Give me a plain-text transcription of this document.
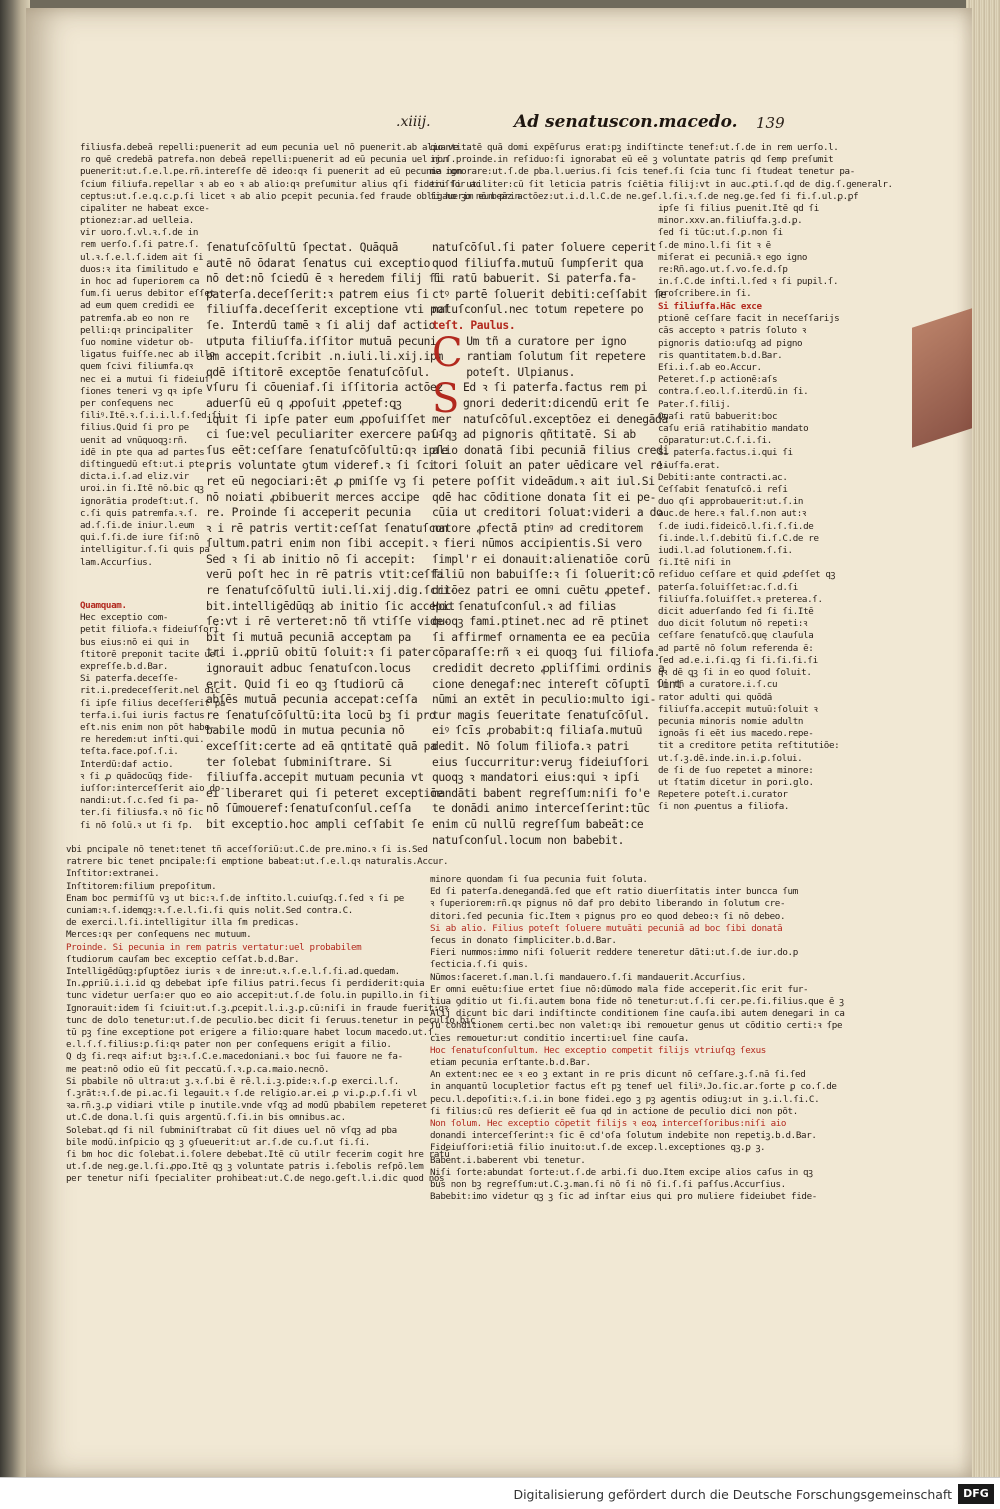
.xiiij.	Ad senatuscon.macedo. 139

filiusfa.debeā repelli:puenerit ad eum pecunia uel nō puenerit.ab alio ve

ro quē credebā patrefa.non debeā repelli:puenerit ad eū pecunia uel non

puenerit:ut.ſ.e.l.pe.rñ.intereſſe dē ideo:qꝛ ſi puenerit ad eū pecunia non

ſcium filiufa.repellar ꝛ ab eo ꝛ ab alio:qꝛ preſumitur alius qſi fideiuſſor ac

ceptus:ut.ſ.e.q.c.ꝑ.ſi licet ꝛ ab alio ꝑcepit pecunia.ſed fraude obligauerim eum prin

cipaliter ne habeat exce-

ptionez:ar.ad uelleia.

vir uoro.ſ.vl.ꝛ.ſ.de in

rem uerſo.ſ.ſi patre.ſ.

ul.ꝛ.ſ.e.l.ſ.idem ait ſi

duos:ꝛ ita ſimilitudo e

in hoc ad ſuperiorem ca

ſum.ſi uerus debitor eſſet

ad eum quem credidi ee

patremfa.ab eo non re

pelli:qꝛ principaliter

ſuo nomine videtur ob-

ligatus fuiſſe.nec ab illo

quem ſcivi filiumfa.qꝛ

nec ei a mutui ſi fideiuſ

ſiones teneri vꝫ qꝛ ipſe

per conſequens nec

ſiliꝰ.Itē.ꝛ.ſ.i.i.l.ſ.ſed ſi

filius.Quid ſi pro pe

uenit ad vnūquoqꝫ:rñ.

idē in pte qua ad partes

diſtinguedū eſt:ut.i pte.

dicta.i.ſ.ad eliz.vir

uroi.in ſi.Itē nō.bic qꝫ

ignorātia prodeſt:ut.ſ.

c.ſi quis patremfa.ꝛ.ſ.

ad.ſ.ſi.de iniur.l.eum

qui.ſ.ſi.de iure ſiſ:nō

intelligitur.ſ.ſi quis pa

lam.Accurſius.

Quamquam.

Hec exceptio com-

petit filiofa.ꝛ fideiuſſori

bus eius:nō ei qui in

ſtitorē preponit tacite uel

expreſſe.b.d.Bar.

Si paterfa.deceſſe-

rit.i.predeceſſerit.nel dic

ſi ipſe filius deceſſerit pa

terfa.i.ſui iuris factus

eſt.nis enim non pōt habe-

re heredem:ut inſti.qui.

teſta.face.poſ.ſ.i.

Interdū:daf actio.

ꝛ ſi ꝓ quādocūqꝫ fide-

iuſſor:interceſſerit aio do-

nandi:ut.ſ.c.ſed ſi pa-

ter.ſi filiusfa.ꝛ nō ſic

ſi nō ſolū.ꝛ ut ſi ſp.

ſenatuſcōſultū ſpectat. Quāquā

autē nō ōdarat ſenatus cui exceptio

nō det:nō ſciedū ē ꝛ heredem filij ſi

paterſa.deceſſerit:ꝛ patrem eius ſi

filiuſfa.deceſſerit exceptione vti poſ

ſe. Interdū tamē ꝛ ſi alij daf actio

utputa filiuſfa.iſſitor mutuā pecuni

am accepit.ſcribit .n.iuli.li.xij.ipm

qdē iſtitorē exceptōe ſenatuſcōſul.

vſuru ſi cōueniaf.ſi iſſitoria actōez

aduerſū eū q ꝓpoſuit ꝓpetef:ꝗꝫ

iquit ſi ipſe pater eum ꝓpoſuiſſet mer

ci ſue:vel peculiariter exercere paſ-

ſus eēt:ceſſare ſenatuſcōſultū:qꝛ ipſe

pris voluntate ꝯtum videref.ꝛ ſi ſci

ret eū negociari:ēt ꝓ pmiſſe vꝫ ſi

nō noiati ꝓbibuerit merces accipe

re. Proinde ſi acceperit pecunia

ꝛ i rē patris vertit:ceſſat ſenatuſcon

ſultum.patri enim non ſibi accepit.

Sed ꝛ ſi ab initio nō ſi accepit:

verū poſt hec in rē patris vtit:ceſſa

re ſenatuſcōſultū iuli.li.xij.dig.ſcri-

bit.intelligēdūqꝫ ab initio ſic accepit

ſe:vt i rē verteret:nō tñ vtiſſe vide-

bit ſi mutuā pecuniā acceptam pa

tri i.ꝓpriū obitū ſoluit:ꝛ ſi pater

ignorauit adbuc ſenatuſcon.locus

erit. Quid ſi eo qꝫ ſtudiorū cā

abſēs mutuā pecunia accepat:ceſſa

re ſenatuſcōſultū:ita locū bꝫ ſi pro

babile modū in mutua pecunia nō

exceſſit:certe ad eā qntitatē quā pa

ter ſolebat ſubminiſtrare. Si

filiuſfa.accepit mutuam pecunia vt

ei liberaret qui ſi peteret exceptiōe

nō ſūmoueref:ſenatuſconſul.ceſſa

bit exceptio.hoc ampli ceſſabit ſe

natuſcōſul.ſi pater ſoluere ceperit

quod filiuſfa.mutuū ſumpſerit qua

ſi ratū babuerit. Si paterfa.fa-

ctꝰ partē ſoluerit debiti:ceſſabit ſe

natuſconſul.nec totum repetere po

teſt. Paulus.

C Um tñ a curatore per igno

rantiam ſolutum ſit repetere

poteſt. Ulpianus.

S Ed ꝛ ſi paterfa.factus rem pi

gnori dederit:dicendū erit ſe

natuſcōſul.exceptōez ei denegādā

uſqꝫ ad pignoris qñtitatē. Si ab

alio donatā ſibi pecuniā filius credi

tori ſoluit an pater uēdicare vel re-

petere poſſit videādum.ꝛ ait iul.Si

qdē hac cōditione donata ſit ei pe-

cūia ut creditori ſoluat:videri a do

natore ꝓfectā ptinꝰ ad creditorem

ꝛ fieri nūmos accipientis.Si vero

ſimpl'r ei donauit:alienatiōe corū

filiū non babuiſſe:ꝛ ſi ſoluerit:cō

ditōez patri ee omni cuētu ꝓpetef.

Hoc ſenatuſconſul.ꝛ ad filias

quoqꝫ fami.ptinet.nec ad rē ptinet

ſi affirmef ornamenta ee ea pecūia

cōparaſſe:rñ ꝛ ei quoqꝫ ſui filiofa.

credidit decreto ꝓpliſſimi ordinis a

cione denegaf:nec intereſt cōſuptī ſint

nūmi an extēt in peculio:multo igi-

tur magis ſeueritate ſenatuſcōſul.

eiꝰ ſcīs ꝓrobabit:q filiaſa.mutuū

dedit. Nō ſolum filiofa.ꝛ patri

eius ſuccurritur:veruꝫ fideiuſſori

quoqꝫ ꝛ mandatori eius:qui ꝛ ipſi

mandāti babent regreſſum:niſi fo'e

te donādi animo interceſſerint:tūc

enim cū nullū regreſſum babeāt:ce

natuſconſul.locum non babebit.

quantitatē quā domi expēſurus erat:pꝫ indiſtincte tenef:ut.ſ.de in rem uerſo.l.

ij.ſ.proinde.in reſiduo:ſi ignorabat eū eē ꝫ voluntate patris qd ſemp preſumit

me ignorare:ut.ſ.de pba.l.uerius.ſi ſcis tenef.ſi ſcia tunc ſi ſtudeat tenetur pa-

tri ſi utiliter:cū ſit leticia patris ſciētia filij:vt in auc.ꝓti.ſ.qd de dig.ſ.generalr.

ſi ho ꝫo nō beāz actōez:ut.i.d.l.C.de ne.geſ.l.ſi.ꝛ.ſ.de neg.ge.ſed ſi fi.ſ.ul.ꝑ.ꝑf

ipſe ſi filius ꝑuenit.Itē qd ſi

minor.xxv.an.filiuſfa.ꝫ.d.ꝑ.

ſed ſi tūc:ut.ſ.ꝑ.non ſi

ſ.de mino.l.ſi ſit ꝛ ē

miſerat ei pecuniā.ꝛ ego igno

re:Rñ.ago.ut.ſ.vo.ſe.d.ſp

in.ſ.C.de inſti.l.ſed ꝛ ſi pupil.ſ.

proſcribere.in ſi.

Si filiuſfa.Hāc exce

ptionē ceſſare facit in neceſſarijs

cās accepto ꝛ patris ſoluto ꝛ

pignoris datio:uſqꝫ ad pigno

ris quantitatem.b.d.Bar.

Eſi.i.ſ.ab eo.Accur.

Peteret.ſ.p actionē:aſs

contra.ſ.eo.l.ſ.iterdū.in ſi.

Pater.ſ.filij.

Quaſi ratū babuerit:boc

caſu eriā ratihabitio mandato

cōparatur:ut.C.ſ.i.ſi.

Si paterſa.factus.i.qui ſi

liuſfa.erat.

Debiti:ante contracti.ac.

Ceſſabit ſenatuſcō.i reſi

duo qſi approbauerit:ut.ſ.in

auc.de here.ꝛ fal.ſ.non aut:ꝛ

ſ.de iudi.fideicō.l.ſi.ſ.ſi.de

ſi.inde.l.ſ.debitū ſi.ſ.C.de re

iudi.l.ad ſolutionem.ſ.ſi.

ſi.Itē niſi in

reſiduo ceſſare et quid ꝓdeſſet qꝫ

paterſa.ſoluiſſet:ac.ſ.d.ſi

filiuſfa.ſoluiſſet.ꝛ preterea.ſ.

dicit aduerſando ſed ſi ſi.Itē

duo dicit ſolutum nō repeti:ꝛ

ceſſare ſenatuſcō.quę clauſula

ad partē nō ſolum referenda ē:

ſed ad.e.i.ſi.qꝫ ſi ſi.ſi.ſi.ſi

qꝛ dē ꝗꝫ ſi in eo quod ſoluit.

Um tñ a curatore.i.ſ.cu

rator adulti qui quōdā

filiuſfa.accepit mutuū:ſoluit ꝛ

pecunia minoris nomie adultn

ignoās ſi eēt ius macedo.repe-

tit a creditore petita reſtitutiōe:

ut.ſ.ꝫ.dē.inde.in.i.ꝑ.ſolui.

de ſi de ſuo repetet a minore:

ut ſtatim dicetur in ꝑori.glo.

Repetere poteſt.i.curator

ſi non ꝓuentus a filiofa.

vbi pncipale nō tenet:tenet tñ acceſſoriū:ut.C.de pre.mino.ꝛ ſi is.Sed

ratrere bic tenet pncipale:ſi emptione babeat:ut.ſ.e.l.qꝛ naturalis.Accur.

Inſtitor:extranei.

Inſtitorem:filium prepoſitum.

Enam boc permiſſū vꝫ ut bic:ꝛ.ſ.de inſtito.l.cuiuſqꝫ.ſ.ſed ꝛ ſi pe

cuniam:ꝛ.ſ.idemqꝫ:ꝛ.ſ.e.l.ſi.ſi quis nolit.Sed contra.C.

de exerci.l.ſi.intelligitur illa ſm predicas.

Merces:qꝛ per conſequens nec mutuum.

Proinde. Si pecunia in rem patris vertatur:uel probabilem

ſtudiorum cauſam bec exceptio ceſſat.b.d.Bar.

Intelligēdūqꝫ:ꝑſuꝑtōez iuris ꝛ de inre:ut.ꝛ.ſ.e.l.ſ.ſi.ad.quedam.

In.ꝓpriū.i.i.id qꝫ debebat ipſe filius patri.ſecus ſi perdiderit:quia

tunc videtur uerſa:er quo eo aio accepit:ut.ſ.de ſolu.in pupillo.in ſi.

Ignorauit:idem ſi ſciuit:ut.ſ.ꝫ.ꝓcepit.l.i.ꝫ.ꝑ.cū:niſi in fraude fuerit:qꝛ

tunc de dolo tenetur:ut.ſ.de peculio.bec dicit ſi ſeruus.tenetur in peculio.bic

tū pꝫ ſine exceptione pot erigere a filio:quare habet locum macedo.ut.ſ.

e.l.ſ.ſ.filius:ꝑ.ſi:qꝛ pater non per conſequens erigit a filio.

Q dꝫ ſi.reqꝛ aif:ut bꝫ:ꝛ.ſ.C.e.macedoniani.ꝛ boc ſui fauore ne fa-

me peat:nō odio eū ſit peccatū.ſ.ꝛ.ꝑ.ca.maio.necnō.

Si pbabile nō ultra:ut ꝫ.ꝛ.ſ.bi ē rē.l.i.ꝫ.pide:ꝛ.ſ.ꝑ exerci.l.ſ.

ſ.ꝫrāt:ꝛ.ſ.de pi.ac.ſi legauit.ꝛ ſ.de religio.ar.ei ꝓ vi.ꝑ.ꝓ.ſ.ſi vl

ꝛa.rñ.ꝫ.ꝓ vidiari vtile p inutile.vnde vſqꝫ ad modū pbabilem repeteret

ut.C.de dona.l.ſi quis argentū.ſ.ſi.in bis omnibus.ac.

Solebat.qd ſi nil ſubminiſtrabat cū ſit diues uel nō vſqꝫ ad pba

bile modū.inſpicio qꝫ ꝫ ꝯſueuerit:ut ar.ſ.de cu.ſ.ut ſi.ſi.

ſi bm hoc dic ſolebat.i.ſolere debebat.Itē cū utilr fecerim cogit hre ratū

ut.ſ.de neg.ge.l.ſi.ꝓpo.Itē qꝫ ꝫ voluntate patris i.ſebolis reſpō.lem

per tenetur niſi ſpecialiter prohibeat:ut.C.de nego.geſt.l.i.dic quod nos

minore quondam ſi ſua pecunia fuit ſoluta.

Ed ſi paterſa.denegandā.ſed que eſt ratio diuerſitatis inter buncca ſum

ꝛ ſuperiorem:rñ.qꝛ pignus nō daf pro debito liberando in ſolutum cre-

ditori.ſed pecunia ſic.Item ꝛ pignus pro eo quod debeo:ꝛ ſi nō debeo.

Si ab alio. Filius poteſt ſoluere mutuāti pecuniā ad boc ſibi donatā

ſecus in donato ſimpliciter.b.d.Bar.

Fieri nummos:immo niſi ſoluerit reddere teneretur dāti:ut.ſ.de iur.do.p

ſecticia.ſ.ſi quis.

Nūmos:ſaceret.ſ.man.l.ſi mandauero.ſ.ſi mandauerit.Accurſius.

Er omni euētu:ſiue ertet ſiue nō:dūmodo mala fide acceperit.ſic erit fur-

tiua ꝯditio ut ſi.ſi.autem bona fide nō tenetur:ut.ſ.ſi cer.pe.ſi.filius.que ē ꝫ

Alij dicunt bic dari indiſtincte conditionem ſine cauſa.ibi autem denegari in ca

ſu conditionem certi.bec non valet:qꝛ ibi remouetur genus ut cōditio certi:ꝛ ſpe

cies remouetur:ut conditio incerti:uel ſine cauſa.

Hoc ſenatuſconſultum. Hec exceptio competit filijs vtriuſqꝫ ſexus

etiam pecunia erſtante.b.d.Bar.

An extent:nec ee ꝛ eo ꝫ extant in re pris dicunt nō ceſſare.ꝫ.ſ.nā ſi.ſed

in anquantū locupletior factus eſt pꝫ tenef uel filiꝰ.Jo.ſic.ar.ſorte ꝑ co.ſ.de

pecu.l.depoſiti:ꝛ.ſ.i.in bone fidei.ego ꝫ pꝫ agentis odiuꝫ:ut in ꝫ.i.l.ſi.C.

ſi filius:cū res deſierit eē ſua qd in actione de peculio dici non pōt.

Non ſolum. Hec exceptio cōpetit filijs ꝛ eoꝝ interceſſoribus:niſi aio

donandi interceſſerint:ꝛ ſic ē cd'oſa ſolutum indebite non repetiꝫ.b.d.Bar.

Fideiuſſori:etiā filio inuito:ut.ſ.de excep.l.exceptiones qꝫ.ꝑ ꝫ.

Babent.i.baberent vbi tenetur.

Niſi ſorte:abundat ſorte:ut.ſ.de arbi.ſi duo.Item excipe alios caſus in qꝫ

bus non bꝫ regreſſum:ut.C.ꝫ.man.ſi nō ſi nō ſi.ſ.ſi paſſus.Accurſius.

Babebit:imo videtur qꝫ ꝫ ſic ad inſtar eius qui pro muliere fideiubet fide-

Digitalisierung gefördert durch die Deutsche Forschungsgemeinschaft	DFG
